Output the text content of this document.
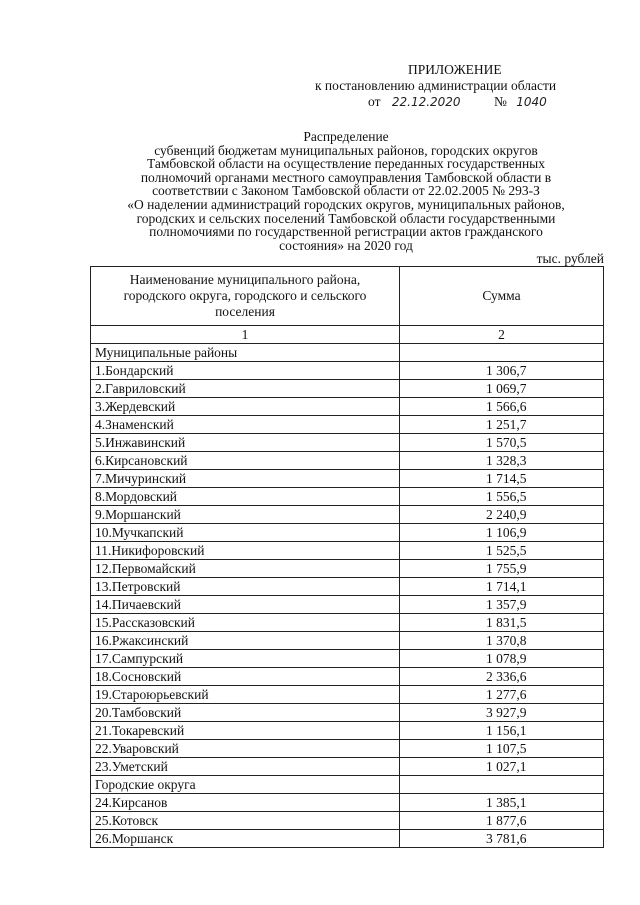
ПРИЛОЖЕНИЕ
к постановлению администрации области
от 22.12.2020 № 1040
Распределение
субвенций бюджетам муниципальных районов, городских округов
Тамбовской области на осуществление переданных государственных
полномочий органами местного самоуправления Тамбовской области в
соответствии с Законом Тамбовской области от 22.02.2005 № 293-З
«О наделении администраций городских округов, муниципальных районов,
городских и сельских поселений Тамбовской области государственными
полномочиями по государственной регистрации актов гражданского
состояния» на 2020 год
тыс. рублей
Наименование муниципального района, городского округа, городского и сельского поселения	Сумма
1	2
Муниципальные районы	
1.Бондарский	1 306,7
2.Гавриловский	1 069,7
3.Жердевский	1 566,6
4.Знаменский	1 251,7
5.Инжавинский	1 570,5
6.Кирсановский	1 328,3
7.Мичуринский	1 714,5
8.Мордовский	1 556,5
9.Моршанский	2 240,9
10.Мучкапский	1 106,9
11.Никифоровский	1 525,5
12.Первомайский	1 755,9
13.Петровский	1 714,1
14.Пичаевский	1 357,9
15.Рассказовский	1 831,5
16.Ржаксинский	1 370,8
17.Сампурский	1 078,9
18.Сосновский	2 336,6
19.Староюрьевский	1 277,6
20.Тамбовский	3 927,9
21.Токаревский	1 156,1
22.Уваровский	1 107,5
23.Уметский	1 027,1
Городские округа	
24.Кирсанов	1 385,1
25.Котовск	1 877,6
26.Моршанск	3 781,6
